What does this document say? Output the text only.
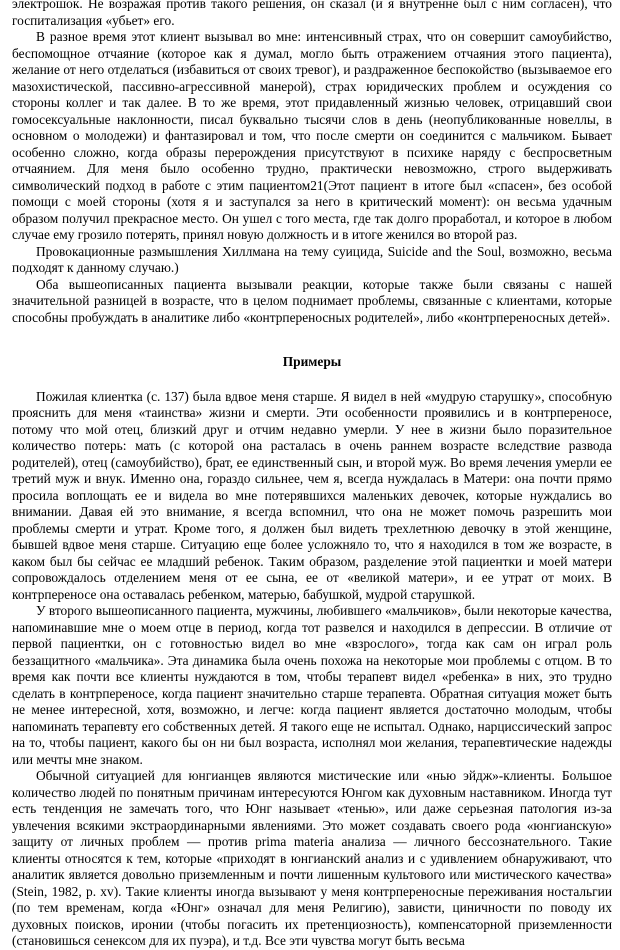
электрошок. Не возражая против такого решения, он сказал (и я внутренне был с ним согласен), что госпитализация «убьет» его.

В разное время этот клиент вызывал во мне: интенсивный страх, что он совершит самоубийство, беспомощное отчаяние (которое как я думал, могло быть отражением отчаяния этого пациента), желание от него отделаться (избавиться от своих тревог), и раздраженное беспокойство (вызываемое его мазохистической, пассивно-агрессивной манерой), страх юридических проблем и осуждения со стороны коллег и так далее. В то же время, этот придавленный жизнью человек, отрицавший свои гомосексуальные наклонности, писал буквально тысячи слов в день (неопубликованные новеллы, в основном о молодежи) и фантазировал и том, что после смерти он соединится с мальчиком. Бывает особенно сложно, когда образы перерождения присутствуют в психике наряду с беспросветным отчаянием. Для меня было особенно трудно, практически невозможно, строго выдерживать символический подход в работе с этим пациентом21(Этот пациент в итоге был «спасен», без особой помощи с моей стороны (хотя я и заступался за него в критический момент): он весьма удачным образом получил прекрасное место. Он ушел с того места, где так долго проработал, и которое в любом случае ему грозило потерять, принял новую должность и в итоге женился во второй раз.

Провокационные размышления Хиллмана на тему суицида, Suicide and the Soul, возможно, весьма подходят к данному случаю.)

Оба вышеописанных пациента вызывали реакции, которые также были связаны с нашей значительной разницей в возрасте, что в целом поднимает проблемы, связанные с клиентами, которые способны пробуждать в аналитике либо «контрпереносных родителей», либо «контрпереносных детей».

Примеры

Пожилая клиентка (с. 137) была вдвое меня старше. Я видел в ней «мудрую старушку», способную прояснить для меня «таинства» жизни и смерти. Эти особенности проявились и в контрпереносе, потому что мой отец, близкий друг и отчим недавно умерли. У нее в жизни было поразительное количество потерь: мать (с которой она расталась в очень раннем возрасте вследствие развода родителей), отец (самоубийство), брат, ее единственный сын, и второй муж. Во время лечения умерли ее третий муж и внук. Именно она, гораздо сильнее, чем я, всегда нуждалась в Матери: она почти прямо просила воплощать ее и видела во мне потерявшихся маленьких девочек, которые нуждались во внимании. Давая ей это внимание, я всегда вспомнил, что она не может помочь разрешить мои проблемы смерти и утрат. Кроме того, я должен был видеть трехлетнюю девочку в этой женщине, бывшей вдвое меня старше. Ситуацию еще более усложняло то, что я находился в том же возрасте, в каком был бы сейчас ее младший ребенок. Таким образом, разделение этой пациентки и моей матери сопровождалось отделением меня от ее сына, ее от «великой матери», и ее утрат от моих. В контрпереносе она оставалась ребенком, матерью, бабушкой, мудрой старушкой.

У второго вышеописанного пациента, мужчины, любившего «мальчиков», были некоторые качества, напоминавшие мне о моем отце в период, когда тот развелся и находился в депрессии. В отличие от первой пациентки, он с готовностью видел во мне «взрослого», тогда как сам он играл роль беззащитного «мальчика». Эта динамика была очень похожа на некоторые мои проблемы с отцом. В то время как почти все клиенты нуждаются в том, чтобы терапевт видел «ребенка» в них, это трудно сделать в контрпереносе, когда пациент значительно старше терапевта. Обратная ситуация может быть не менее интересной, хотя, возможно, и легче: когда пациент является достаточно молодым, чтобы напоминать терапевту его собственных детей. Я такого еще не испытал. Однако, нарциссический запрос на то, чтобы пациент, какого бы он ни был возраста, исполнял мои желания, терапевтические надежды или мечты мне знаком.

Обычной ситуацией для юнгианцев являются мистические или «нью эйдж»-клиенты. Большое количество людей по понятным причинам интересуются Юнгом как духовным наставником. Иногда тут есть тенденция не замечать того, что Юнг называет «тенью», или даже серьезная патология из-за увлечения всякими экстраординарными явлениями. Это может создавать своего рода «юнгианскую» защиту от личных проблем — против prima materia анализа — личного бессознательного. Такие клиенты относятся к тем, которые «приходят в юнгианский анализ и с удивлением обнаруживают, что аналитик является довольно приземленным и почти лишенным культового или мистического качества» (Stein, 1982, p. xv). Такие клиенты иногда вызывают у меня контрпереносные переживания ностальгии (по тем временам, когда «Юнг» означал для меня Религию), зависти, циничности по поводу их духовных поисков, иронии (чтобы погасить их претенциозность), компенсаторной приземленности (становишься сенексом для их пуэра), и т.д. Все эти чувства могут быть весьма
